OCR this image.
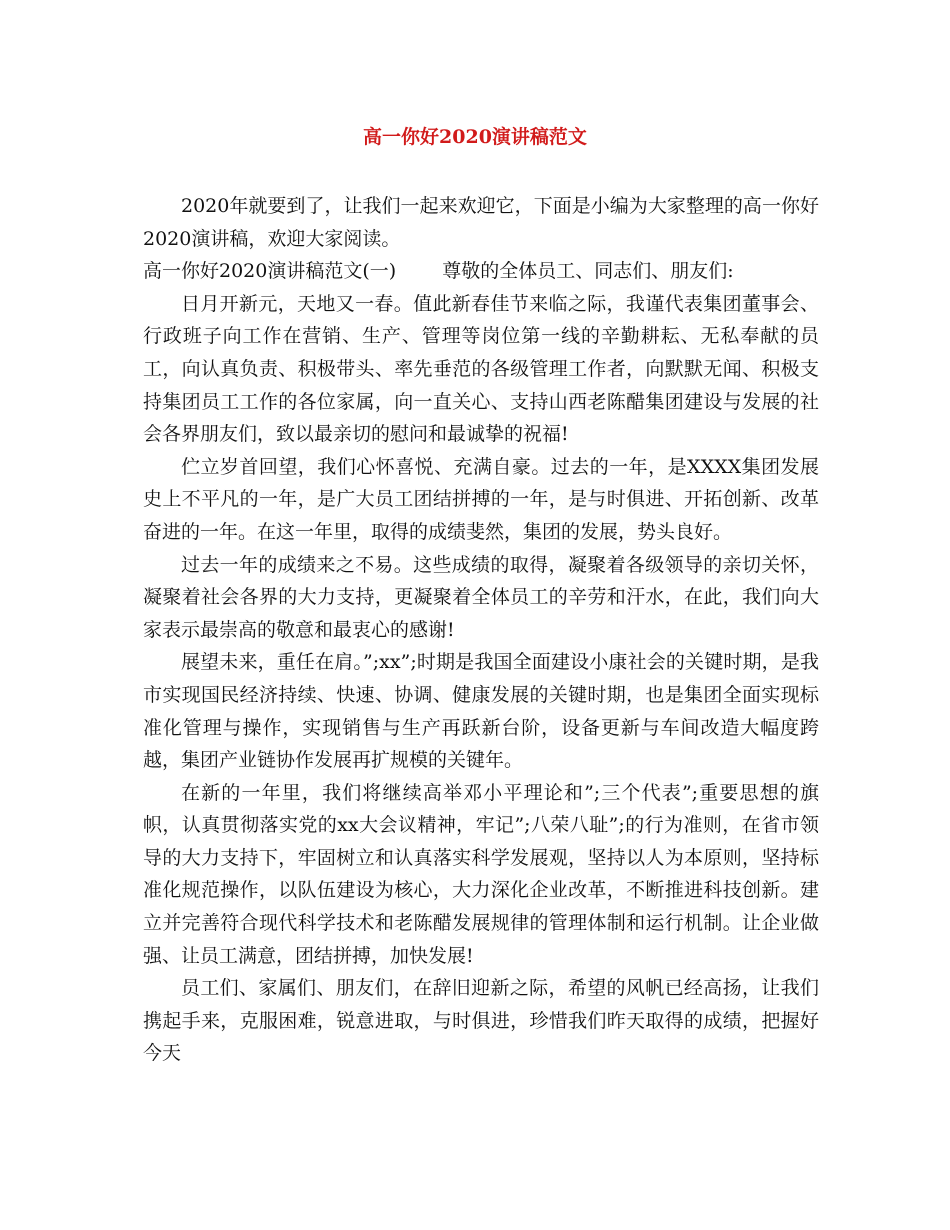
高一你好2020演讲稿范文

2020年就要到了，让我们一起来欢迎它，下面是小编为大家整理的高一你好2020演讲稿，欢迎大家阅读。

高一你好2020演讲稿范文(一) 尊敬的全体员工、同志们、朋友们:

日月开新元，天地又一春。值此新春佳节来临之际，我谨代表集团董事会、行政班子向工作在营销、生产、管理等岗位第一线的辛勤耕耘、无私奉献的员工，向认真负责、积极带头、率先垂范的各级管理工作者，向默默无闻、积极支持集团员工工作的各位家属，向一直关心、支持山西老陈醋集团建设与发展的社会各界朋友们，致以最亲切的慰问和最诚挚的祝福!

伫立岁首回望，我们心怀喜悦、充满自豪。过去的一年，是XXXX集团发展史上不平凡的一年，是广大员工团结拼搏的一年，是与时俱进、开拓创新、改革奋进的一年。在这一年里，取得的成绩斐然，集团的发展，势头良好。

过去一年的成绩来之不易。这些成绩的取得，凝聚着各级领导的亲切关怀，凝聚着社会各界的大力支持，更凝聚着全体员工的辛劳和汗水，在此，我们向大家表示最崇高的敬意和最衷心的感谢!

展望未来，重任在肩。”;xx”;时期是我国全面建设小康社会的关键时期，是我市实现国民经济持续、快速、协调、健康发展的关键时期，也是集团全面实现标准化管理与操作，实现销售与生产再跃新台阶，设备更新与车间改造大幅度跨越，集团产业链协作发展再扩规模的关键年。

在新的一年里，我们将继续高举邓小平理论和”;三个代表”;重要思想的旗帜，认真贯彻落实党的xx大会议精神，牢记”;八荣八耻”;的行为准则，在省市领导的大力支持下，牢固树立和认真落实科学发展观，坚持以人为本原则，坚持标准化规范操作，以队伍建设为核心，大力深化企业改革，不断推进科技创新。建立并完善符合现代科学技术和老陈醋发展规律的管理体制和运行机制。让企业做强、让员工满意，团结拼搏，加快发展!

员工们、家属们、朋友们，在辞旧迎新之际，希望的风帆已经高扬，让我们携起手来，克服困难，锐意进取，与时俱进，珍惜我们昨天取得的成绩，把握好今天
